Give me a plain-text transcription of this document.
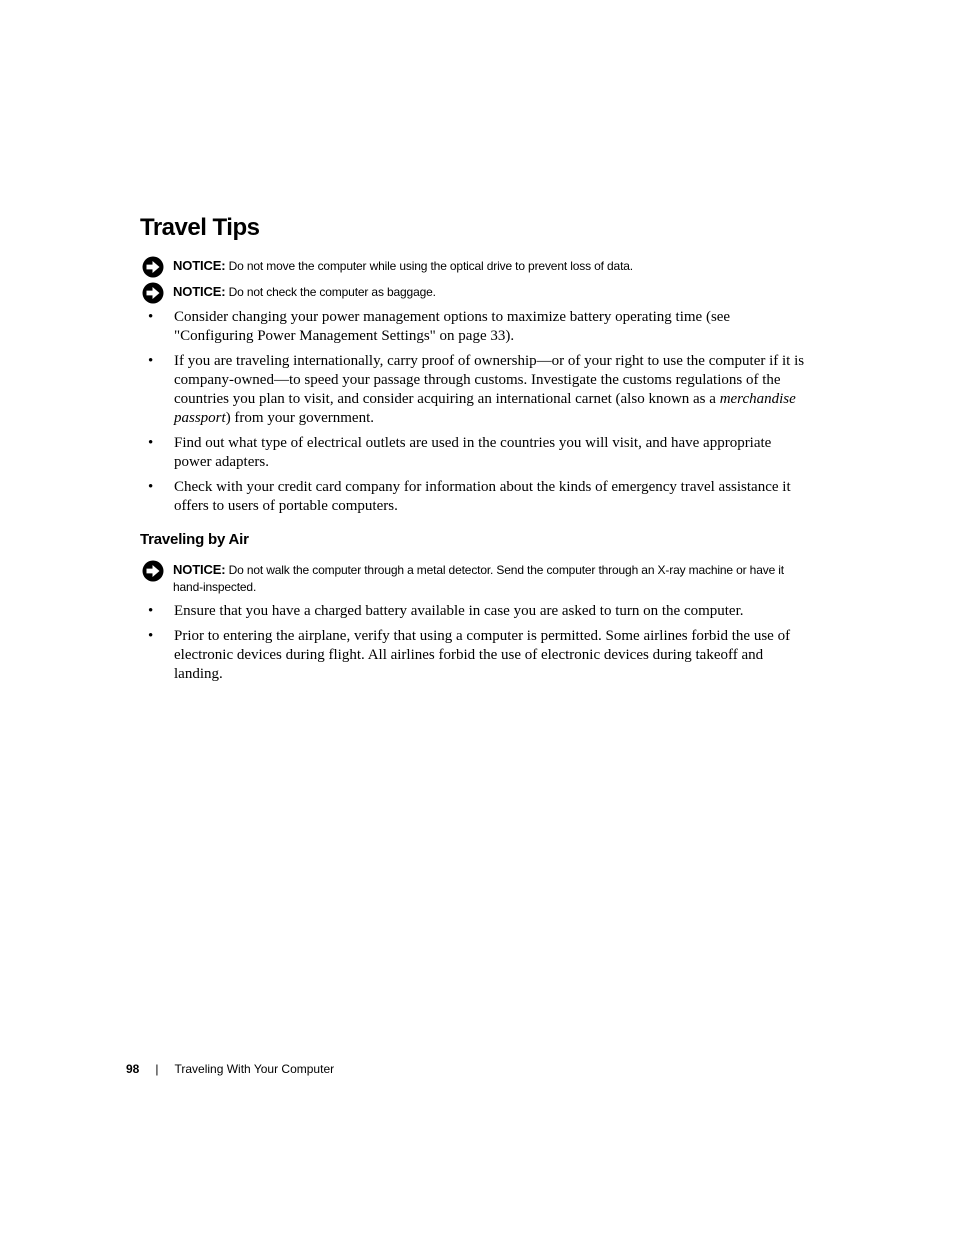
Travel Tips
NOTICE: Do not move the computer while using the optical drive to prevent loss of data.
NOTICE: Do not check the computer as baggage.
• Consider changing your power management options to maximize battery operating time (see "Configuring Power Management Settings" on page 33).
• If you are traveling internationally, carry proof of ownership—or of your right to use the computer if it is company-owned—to speed your passage through customs. Investigate the customs regulations of the countries you plan to visit, and consider acquiring an international carnet (also known as a merchandise passport) from your government.
• Find out what type of electrical outlets are used in the countries you will visit, and have appropriate power adapters.
• Check with your credit card company for information about the kinds of emergency travel assistance it offers to users of portable computers.
Traveling by Air
NOTICE: Do not walk the computer through a metal detector. Send the computer through an X-ray machine or have it hand-inspected.
• Ensure that you have a charged battery available in case you are asked to turn on the computer.
• Prior to entering the airplane, verify that using a computer is permitted. Some airlines forbid the use of electronic devices during flight. All airlines forbid the use of electronic devices during takeoff and landing.
98 | Traveling With Your Computer
